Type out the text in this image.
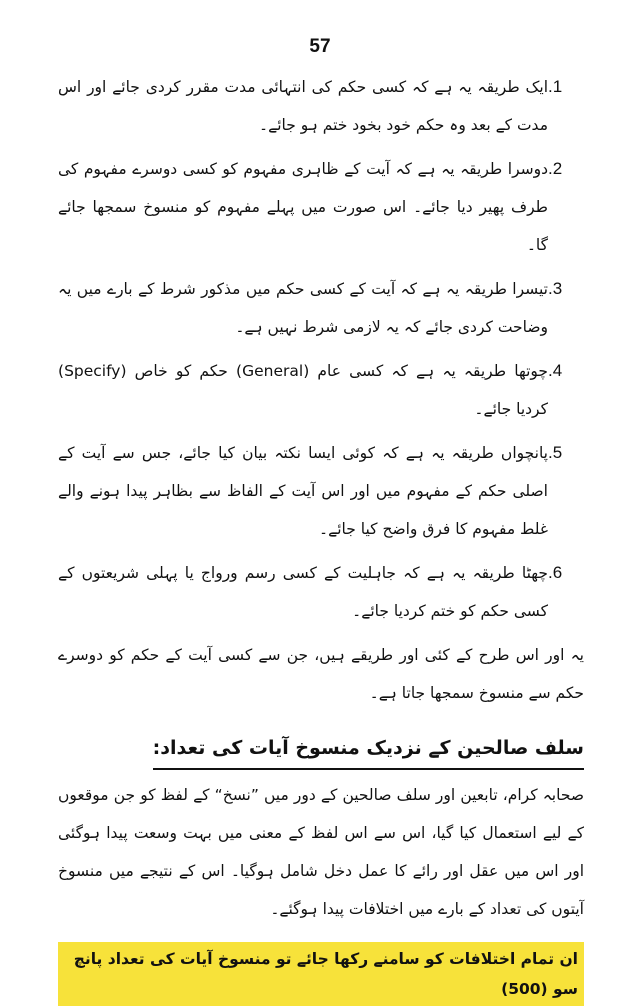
57
.1
ایک طریقہ یہ ہے کہ کسی حکم کی انتہائی مدت مقرر کردی جائے اور اس مدت کے بعد وہ حکم خود بخود ختم ہو جائے۔
.2
دوسرا طریقہ یہ ہے کہ آیت کے ظاہری مفہوم کو کسی دوسرے مفہوم کی طرف پھیر دیا جائے۔ اس صورت میں پہلے مفہوم کو منسوخ سمجھا جائے گا۔
.3
تیسرا طریقہ یہ ہے کہ آیت کے کسی حکم میں مذکور شرط کے بارے میں یہ وضاحت کردی جائے کہ یہ لازمی شرط نہیں ہے۔
.4
چوتھا طریقہ یہ ہے کہ کسی عام (General) حکم کو خاص (Specify) کردیا جائے۔
.5
پانچواں طریقہ یہ ہے کہ کوئی ایسا نکتہ بیان کیا جائے، جس سے آیت کے اصلی حکم کے مفہوم میں اور اس آیت کے الفاظ سے بظاہر پیدا ہونے والے غلط مفہوم کا فرق واضح کیا جائے۔
.6
چھٹا طریقہ یہ ہے کہ جاہلیت کے کسی رسم ورواج یا پہلی شریعتوں کے کسی حکم کو ختم کردیا جائے۔

یہ اور اس طرح کے کئی اور طریقے ہیں، جن سے کسی آیت کے حکم کو دوسرے حکم سے منسوخ سمجھا جاتا ہے۔

سلف صالحین کے نزدیک منسوخ آیات کی تعداد:

صحابہ کرام، تابعین اور سلف صالحین کے دور میں ”نسخ“ کے لفظ کو جن موقعوں کے لیے استعمال کیا گیا، اس سے اس لفظ کے معنی میں بہت وسعت پیدا ہوگئی اور اس میں عقل اور رائے کا عمل دخل شامل ہوگیا۔ اس کے نتیجے میں منسوخ آیتوں کی تعداد کے بارے میں اختلافات پیدا ہوگئے۔

ان تمام اختلافات کو سامنے رکھا جائے تو منسوخ آیات کی تعداد پانچ سو (500)
